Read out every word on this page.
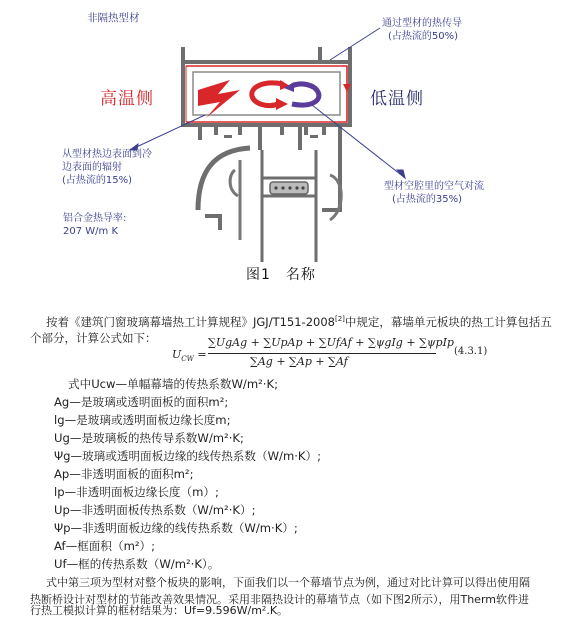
非隔热型材	通过型材的热传导
(占热流的50%)
高温侧	低温侧
从型材热边表面到冷
边表面的辐射
(占热流的15%)
型材空腔里的空气对流
(占热流的35%)
铝合金热导率:
207 W/m K
图1　名称
按着《建筑门窗玻璃幕墙热工计算规程》JGJ/T151-2008[2]中规定，幕墙单元板块的热工计算包括五
个部分，计算公式如下：
$U_{CW}$ =
∑UgAg + ∑UpAp + ∑UfAf + ∑ψgIg + ∑ψpIp
∑Ag + ∑Ap + ∑Af
(4.3.1)
式中Ucw—单幅幕墙的传热系数W/m²·K;
Ag—是玻璃或透明面板的面积m²;
lg—是玻璃或透明面板边缘长度m;
Ug—是玻璃板的热传导系数W/m²·K;
Ψg—玻璃或透明面板边缘的线传热系数（W/m·K）;
Ap—非透明面板的面积m²;
lp—非透明面板边缘长度（m）;
Up—非透明面板传热系数（W/m²·K）;
Ψp—非透明面板边缘的线传热系数（W/m·K）;
Af—框面积（m²）;
Uf—框的传热系数（W/m²·K）。
式中第三项为型材对整个板块的影响，下面我们以一个幕墙节点为例，通过对比计算可以得出使用隔
热断桥设计对型材的节能改善效果情况。采用非隔热设计的幕墙节点（如下图2所示），用Therm软件进
行热工模拟计算的框材结果为：Uf=9.596W/m².K。
